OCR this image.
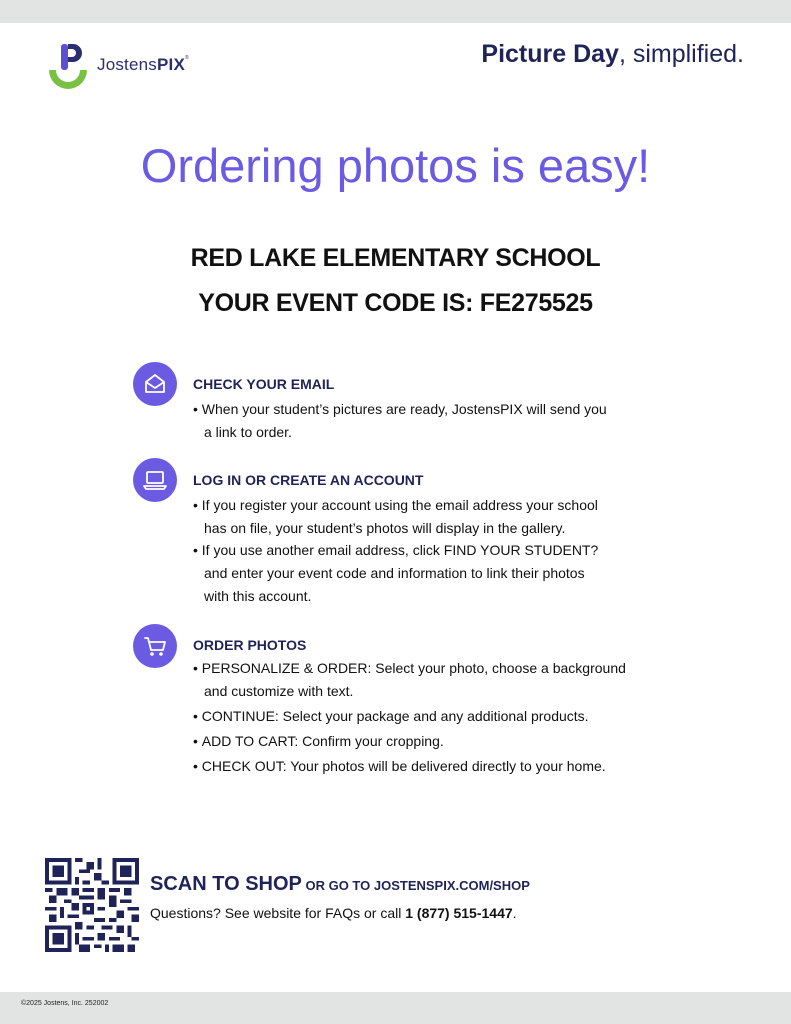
JostensPIX®	Picture Day, simplified.
Ordering photos is easy!
RED LAKE ELEMENTARY SCHOOL
YOUR EVENT CODE IS: FE275525
CHECK YOUR EMAIL
• When your student’s pictures are ready, JostensPIX will send you
a link to order.
LOG IN OR CREATE AN ACCOUNT
• If you register your account using the email address your school
has on file, your student’s photos will display in the gallery.
• If you use another email address, click FIND YOUR STUDENT?
and enter your event code and information to link their photos
with this account.
ORDER PHOTOS
• PERSONALIZE & ORDER: Select your photo, choose a background
and customize with text.
• CONTINUE: Select your package and any additional products.
• ADD TO CART: Confirm your cropping.
• CHECK OUT: Your photos will be delivered directly to your home.
SCAN TO SHOP OR GO TO JOSTENSPIX.COM/SHOP
Questions? See website for FAQs or call 1 (877) 515-1447.
©2025 Jostens, Inc. 252002
